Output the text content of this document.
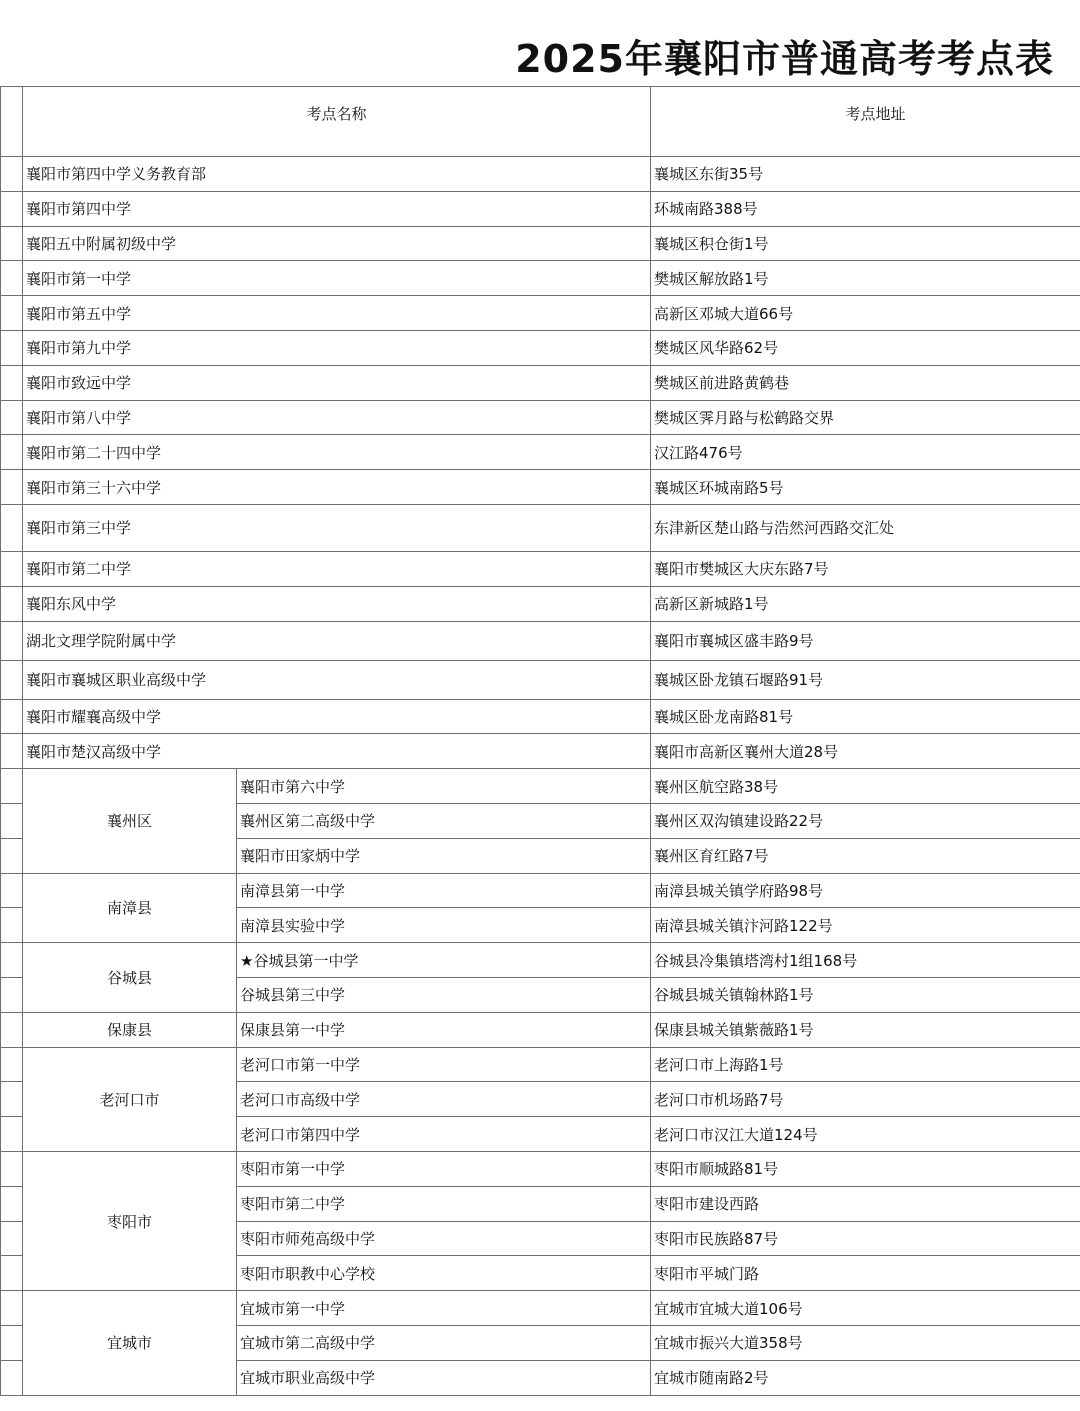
2025年襄阳市普通高考考点表
	考点名称		考点地址
	襄阳市第四中学义务教育部		襄城区东街35号
	襄阳市第四中学		环城南路388号
	襄阳五中附属初级中学		襄城区积仓街1号
	襄阳市第一中学		樊城区解放路1号
	襄阳市第五中学		高新区邓城大道66号
	襄阳市第九中学		樊城区风华路62号
	襄阳市致远中学		樊城区前进路黄鹤巷
	襄阳市第八中学		樊城区霁月路与松鹤路交界
	襄阳市第二十四中学		汉江路476号
	襄阳市第三十六中学		襄城区环城南路5号
	襄阳市第三中学		东津新区楚山路与浩然河西路交汇处
	襄阳市第二中学		襄阳市樊城区大庆东路7号
	襄阳东风中学		高新区新城路1号
	湖北文理学院附属中学		襄阳市襄城区盛丰路9号
	襄阳市襄城区职业高级中学		襄城区卧龙镇石堰路91号
	襄阳市耀襄高级中学		襄城区卧龙南路81号
	襄阳市楚汉高级中学		襄阳市高新区襄州大道28号
	襄州区	襄阳市第六中学	襄州区航空路38号
		襄州区第二高级中学	襄州区双沟镇建设路22号
		襄阳市田家炳中学	襄州区育红路7号
	南漳县	南漳县第一中学	南漳县城关镇学府路98号
		南漳县实验中学	南漳县城关镇汴河路122号
	谷城县	★谷城县第一中学	谷城县冷集镇塔湾村1组168号
		谷城县第三中学	谷城县城关镇翰林路1号
	保康县	保康县第一中学	保康县城关镇紫薇路1号
	老河口市	老河口市第一中学	老河口市上海路1号
		老河口市高级中学	老河口市机场路7号
		老河口市第四中学	老河口市汉江大道124号
	枣阳市	枣阳市第一中学	枣阳市顺城路81号
		枣阳市第二中学	枣阳市建设西路
		枣阳市师苑高级中学	枣阳市民族路87号
		枣阳市职教中心学校	枣阳市平城门路
	宜城市	宜城市第一中学	宜城市宜城大道106号
		宜城市第二高级中学	宜城市振兴大道358号
		宜城市职业高级中学	宜城市随南路2号
